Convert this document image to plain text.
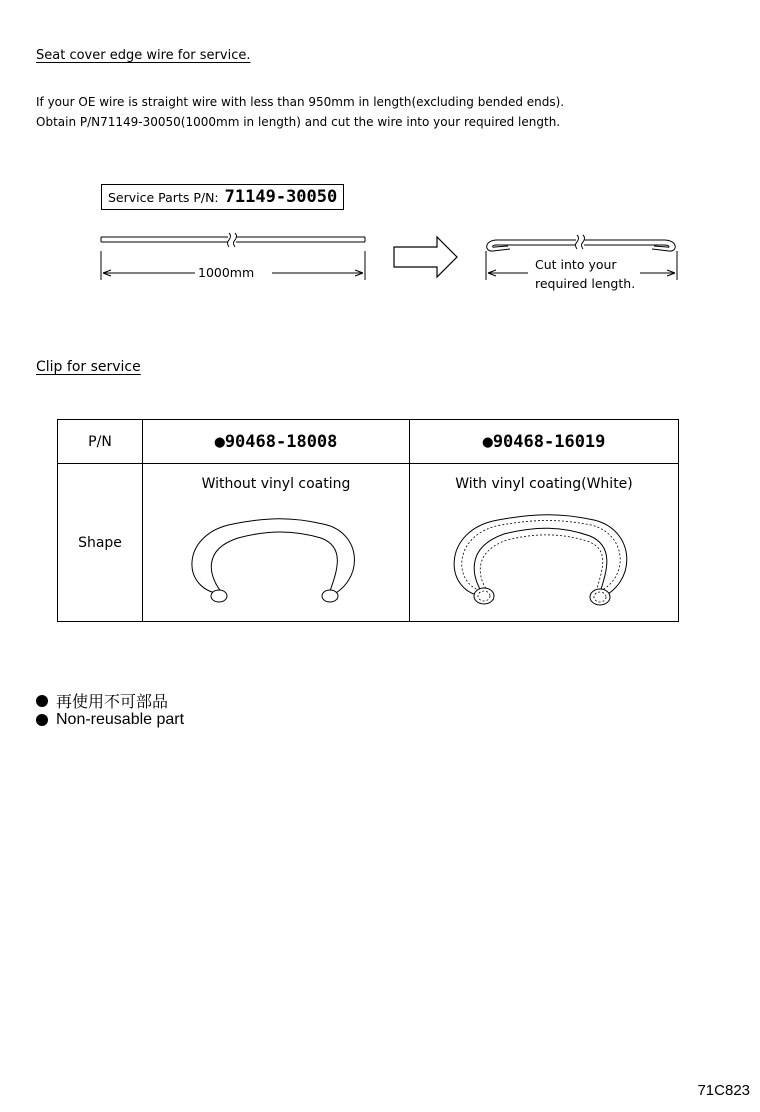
Seat cover edge wire for service.
If your OE wire is straight wire with less than 950mm in length(excluding bended ends).
Obtain P/N71149-30050(1000mm in length) and cut the wire into your required length.
Service Parts P/N: 71149-30050
1000mm
Cut into your
required length.
Clip for service
P/N	●90468-18008	●90468-16019
Shape	Without vinyl coating	With vinyl coating(White)
再使用不可部品
Non-reusable part
71C823
